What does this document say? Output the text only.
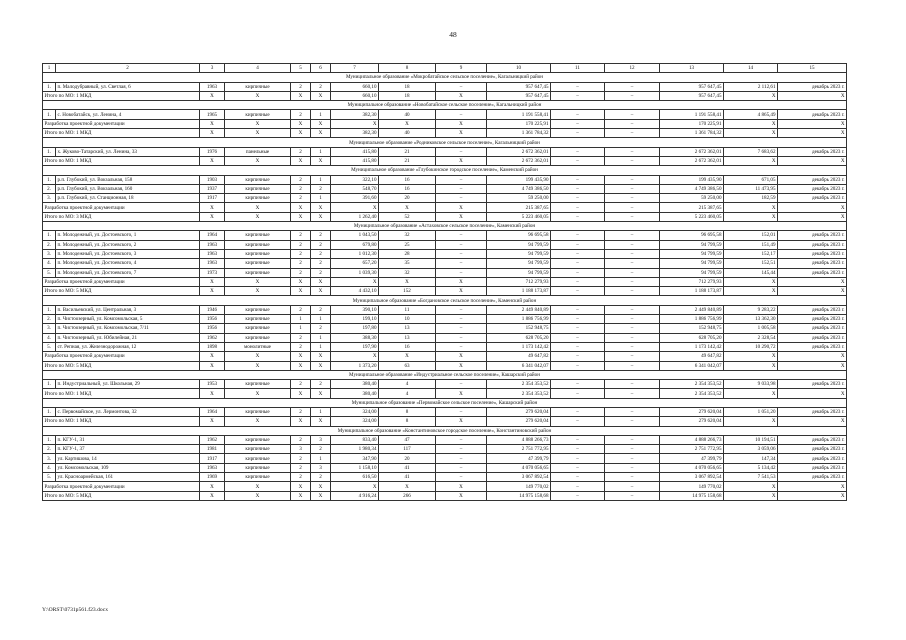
48
1	2	3	4	5	6	7	8	9	10	11	12	13	14	15
Муниципальное образование «Мокробатайское сельское поселение», Кагальницкий район														
1.	п. Малодубравный, ул. Светлая, 6	1963	кирпичные	2	2	660,10	18	–	957 647,45	–	–	957 647,45	2 112,61	декабрь 2023 г.
Итого по МО: 1 МКД		X	X	X	X	660,10	18	X	957 647,45	–	–	957 647,45	X	X
Муниципальное образование «Новобатайское сельское поселение», Кагальницкий район														
1.	с. Новобатайск, ул. Ленина, 4	1965	кирпичные	2	1	382,30	40	–	1 191 558,41	–	–	1 191 558,41	4 865,49	декабрь 2023 г.
Разработка проектной документации		X	X	X	X	X	X	X	170 225,91	–	–	170 225,91	X	X
Итого по МО: 1 МКД		X	X	X	X	382,30	40	X	1 361 784,32	–	–	1 361 784,32	X	X
Муниципальное образование «Родниковское сельское поселение», Кагальницкий район														
1.	х. Жуково-Татарский, ул. Ленина, 33	1976	панельные	2	1	415,80	21	–	2 672 362,01	–	–	2 672 362,01	7 683,62	декабрь 2023 г.
Итого по МО: 1 МКД		X	X	X	X	415,80	21	X	2 672 362,01	–	–	2 672 362,01	X	X
Муниципальное образование «Глубокинское городское поселение», Каменский район														
1.	р.п. Глубокий, ул. Вокзальная, 158	1903	кирпичные	2	1	322,10	16	–	199 435,90	–	–	199 435,90	671,05	декабрь 2023 г.
2.	р.п. Глубокий, ул. Вокзальная, 160	1937	кирпичные	2	2	548,70	16	–	4 749 386,50	–	–	4 749 386,50	11 473,95	декабрь 2023 г.
3.	р.п. Глубокий, ул. Станционная, 18	1917	кирпичные	2	1	391,60	20	–	59 250,00	–	–	59 250,00	182,59	декабрь 2023 г.
Разработка проектной документации		X	X	X	X	X	X	X	215 387,65	–	–	215 387,65	X	X
Итого по МО: 3 МКД		X	X	X	X	1 262,40	52	X	5 223 460,05	–	–	5 223 460,05	X	X
Муниципальное образование «Астаховское сельское поселение», Каменский район														
1.	п. Молодежный, ул. Достоевского, 1	1964	кирпичные	2	2	1 043,50	32	–	96 695,58	–	–	96 695,58	152,01	декабрь 2023 г.
2.	п. Молодежный, ул. Достоевского, 2	1963	кирпичные	2	2	679,80	25	–	94 799,59	–	–	94 799,59	151,49	декабрь 2023 г.
3.	п. Молодежный, ул. Достоевского, 3	1963	кирпичные	2	2	1 012,30	28	–	94 799,59	–	–	94 799,59	152,17	декабрь 2023 г.
4.	п. Молодежный, ул. Достоевского, 4	1963	кирпичные	2	2	657,20	35	–	94 799,59	–	–	94 799,59	152,51	декабрь 2023 г.
5.	п. Молодежный, ул. Достоевского, 7	1973	кирпичные	2	2	1 039,30	32	–	94 799,59	–	–	94 799,59	145,44	декабрь 2023 г.
Разработка проектной документации		X	X	X	X	X	X	X	712 279,93	–	–	712 279,93	X	X
Итого по МО: 5 МКД		X	X	X	X	4 432,10	152	X	1 188 173,87	–	–	1 188 173,87	X	X
Муниципальное образование «Богдановское сельское поселение», Каменский район														
1.	п. Васильевский, ул. Центральная, 3	1946	кирпичные	2	2	390,10	11	–	2 449 840,89	–	–	2 449 840,89	9 283,22	декабрь 2023 г.
2.	п. Чистоозерный, ул. Комсомольская, 5	1956	кирпичные	1	1	199,10	10	–	1 886 756,99	–	–	1 886 756,99	13 362,30	декабрь 2023 г.
3.	п. Чистоозерный, ул. Комсомольская, 7/11	1956	кирпичные	1	2	197,80	13	–	152 948,75	–	–	152 948,75	1 005,58	декабрь 2023 г.
4.	п. Чистоозерный, ул. Юбилейная, 21	1962	кирпичные	2	1	388,30	13	–	628 705,20	–	–	628 705,20	2 328,54	декабрь 2023 г.
5.	ст. Репная, ул. Железнодорожная, 12	1898	монолитные	2	1	197,90	16	–	1 173 142,42	–	–	1 173 142,42	10 290,72	декабрь 2023 г.
Разработка проектной документации		X	X	X	X	X	X	X	49 647,82	–	–	49 647,82	X	X
Итого по МО: 5 МКД		X	X	X	X	1 373,20	63	X	6 341 042,07	–	–	6 341 042,07	X	X
Муниципальное образование «Индустриальное сельское поселение», Кашарский район														
1.	п. Индустриальный, ул. Школьная, 29	1953	кирпичные	2	2	380,40	4	–	2 354 353,52	–	–	2 354 353,52	9 033,98	декабрь 2023 г.
Итого по МО: 1 МКД		X	X	X	X	380,40	4	X	2 354 353,52	–	–	2 354 353,52	X	X
Муниципальное образование «Первомайское сельское поселение», Кашарский район														
1.	с. Первомайское, ул. Лермонтова, 32	1964	кирпичные	2	1	324,00	8	–	279 620,04	–	–	279 620,04	1 051,20	декабрь 2023 г.
Итого по МО: 1 МКД		X	X	X	X	324,00	8	X	279 620,04	–	–	279 620,04	X	X
Муниципальное образование «Константиновское городское поселение», Константиновский район														
1.	п. КГУ-1, 31	1962	кирпичные	2	3	833,40	47	–	4 888 266,73	–	–	4 888 266,73	10 194,51	декабрь 2023 г.
2.	п. КГУ-1, 37	1981	кирпичные	3	2	1 980,34	117	–	2 751 772,95	–	–	2 751 772,95	3 059,06	декабрь 2023 г.
3.	ул. Картишова, 14	1917	кирпичные	2	1	347,90	20	–	47 399,79	–	–	47 399,79	147,34	декабрь 2023 г.
4.	ул. Комсомольская, 109	1963	кирпичные	2	3	1 158,10	41	–	4 070 056,65	–	–	4 070 056,65	5 134,42	декабрь 2023 г.
5.	ул. Красноармейская, 161	1969	кирпичные	2	2	616,50	41	–	3 067 892,54	–	–	3 067 892,54	7 541,53	декабрь 2023 г.
Разработка проектной документации		X	X	X	X	X	X	X	149 770,02	–	–	149 770,02	X	X
Итого по МО: 5 МКД		X	X	X	X	4 916,24	266	X	14 975 158,68	–	–	14 975 158,68	X	X
Y:\ORST\0731p561.f23.docx
